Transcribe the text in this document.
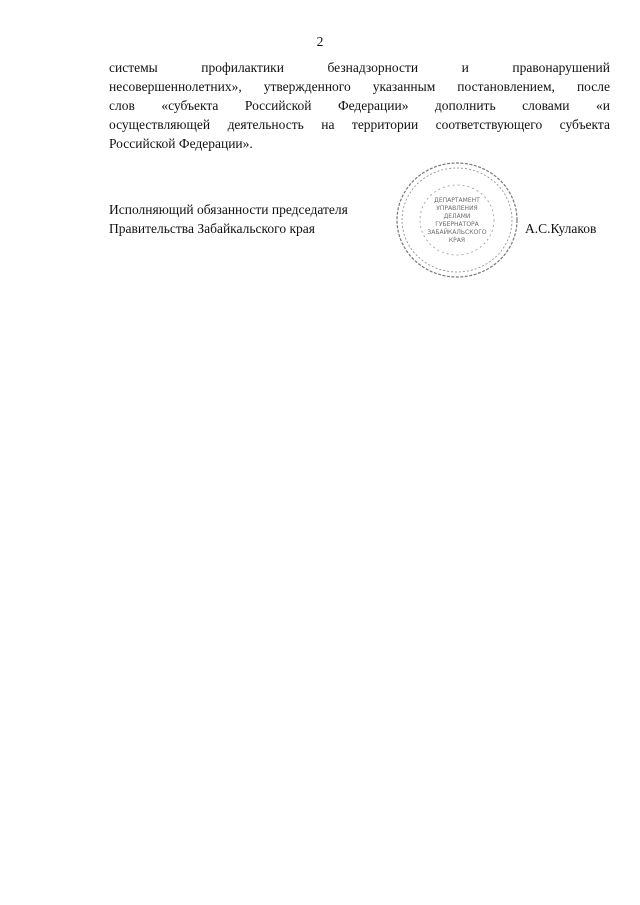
2
системы профилактики безнадзорности и правонарушений
несовершеннолетних», утвержденного указанным постановлением, после
слов «субъекта Российской Федерации» дополнить словами «и
осуществляющей деятельность на территории соответствующего субъекта
Российской Федерации».
Исполняющий обязанности председателя
Правительства Забайкальского края
ДЕПАРТАМЕНТ
УПРАВЛЕНИЯ
ДЕЛАМИ
ГУБЕРНАТОРА
ЗАБАЙКАЛЬСКОГО
КРАЯ
А.С.Кулаков
